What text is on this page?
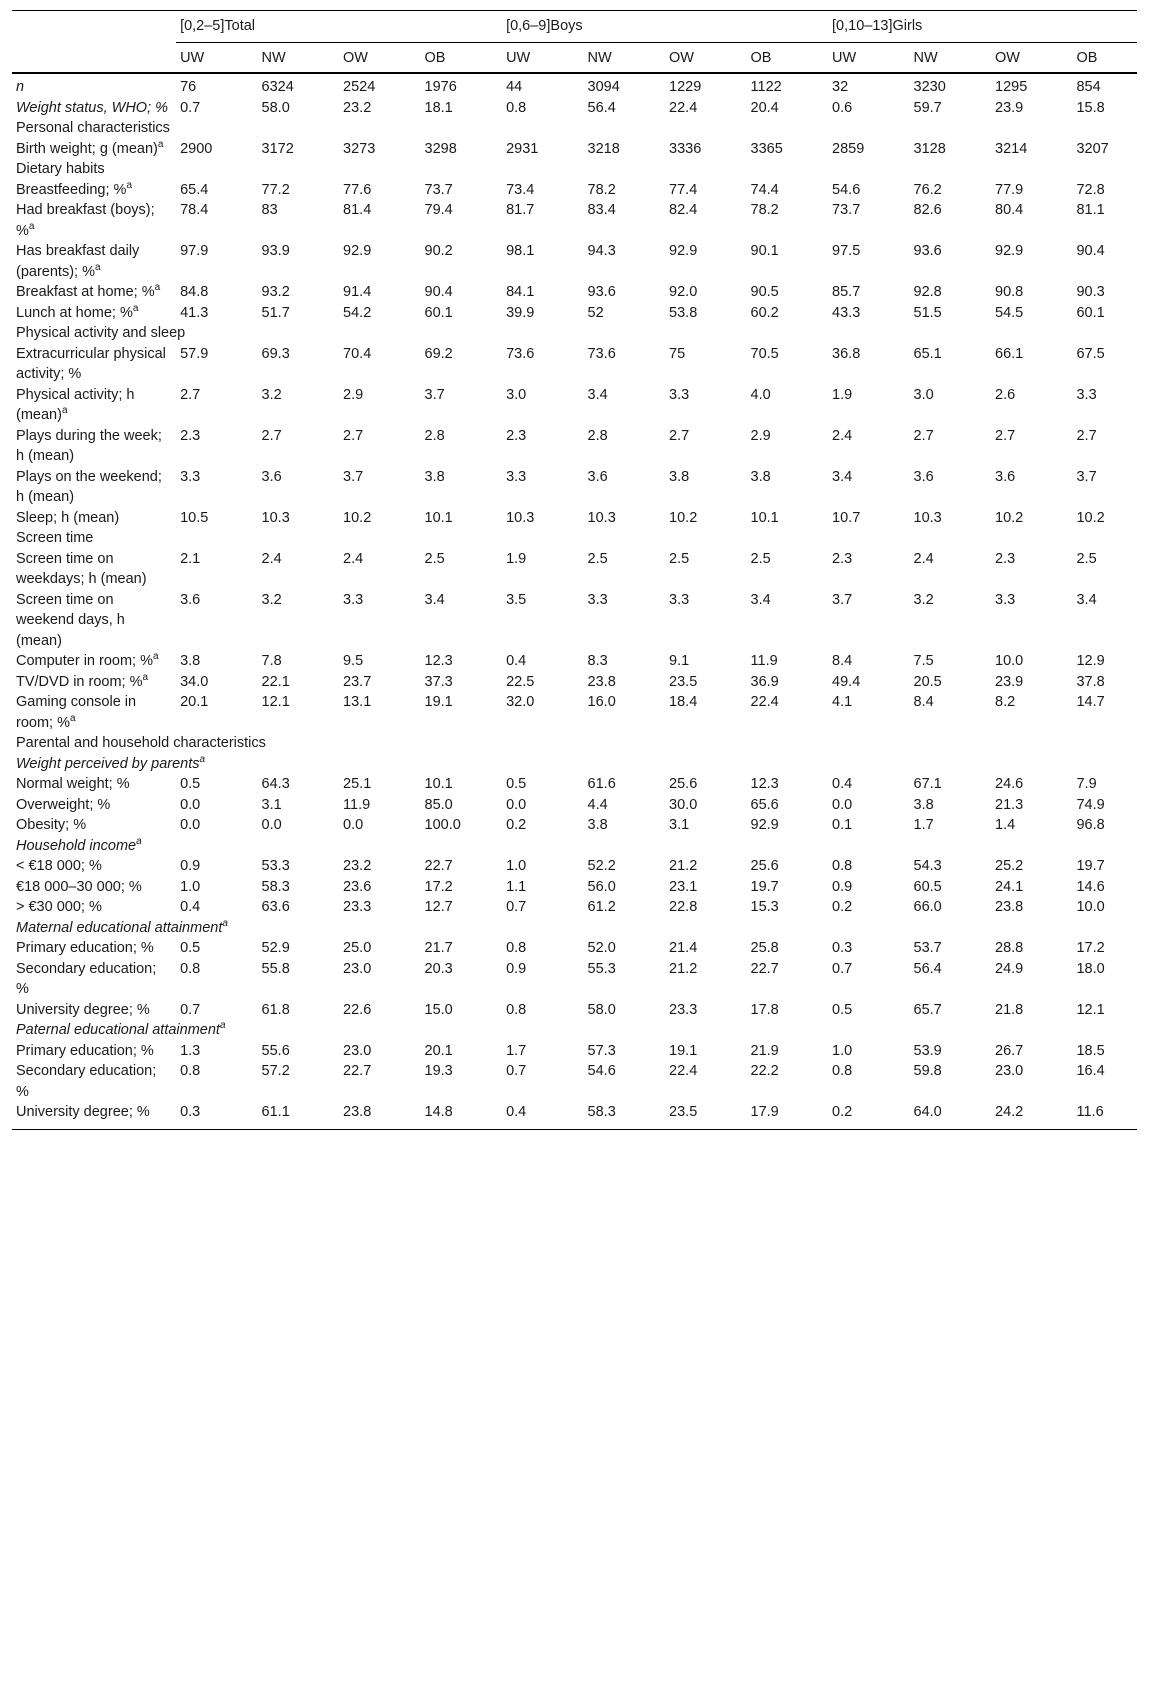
	[0,2–5]Total				[0,6–9]Boys				[0,10–13]Girls			
	UW	NW	OW	OB	UW	NW	OW	OB	UW	NW	OW	OB
n	76	6324	2524	1976	44	3094	1229	1122	32	3230	1295	854
Weight status, WHO; %	0.7	58.0	23.2	18.1	0.8	56.4	22.4	20.4	0.6	59.7	23.9	15.8
Personal characteristics												
Birth weight; g (mean)$^a$	2900	3172	3273	3298	2931	3218	3336	3365	2859	3128	3214	3207
Dietary habits												
Breastfeeding; %$^a$	65.4	77.2	77.6	73.7	73.4	78.2	77.4	74.4	54.6	76.2	77.9	72.8
Had breakfast (boys); %$^a$	78.4	83	81.4	79.4	81.7	83.4	82.4	78.2	73.7	82.6	80.4	81.1
Has breakfast daily (parents); %$^a$	97.9	93.9	92.9	90.2	98.1	94.3	92.9	90.1	97.5	93.6	92.9	90.4
Breakfast at home; %$^a$	84.8	93.2	91.4	90.4	84.1	93.6	92.0	90.5	85.7	92.8	90.8	90.3
Lunch at home; %$^a$	41.3	51.7	54.2	60.1	39.9	52	53.8	60.2	43.3	51.5	54.5	60.1
Physical activity and sleep												
Extracurricular physical activity; %	57.9	69.3	70.4	69.2	73.6	73.6	75	70.5	36.8	65.1	66.1	67.5
Physical activity; h (mean)$^a$	2.7	3.2	2.9	3.7	3.0	3.4	3.3	4.0	1.9	3.0	2.6	3.3
Plays during the week; h (mean)	2.3	2.7	2.7	2.8	2.3	2.8	2.7	2.9	2.4	2.7	2.7	2.7
Plays on the weekend; h (mean)	3.3	3.6	3.7	3.8	3.3	3.6	3.8	3.8	3.4	3.6	3.6	3.7
Sleep; h (mean)	10.5	10.3	10.2	10.1	10.3	10.3	10.2	10.1	10.7	10.3	10.2	10.2
Screen time												
Screen time on weekdays; h (mean)	2.1	2.4	2.4	2.5	1.9	2.5	2.5	2.5	2.3	2.4	2.3	2.5
Screen time on weekend days, h (mean)	3.6	3.2	3.3	3.4	3.5	3.3	3.3	3.4	3.7	3.2	3.3	3.4
Computer in room; %$^a$	3.8	7.8	9.5	12.3	0.4	8.3	9.1	11.9	8.4	7.5	10.0	12.9
TV/DVD in room; %$^a$	34.0	22.1	23.7	37.3	22.5	23.8	23.5	36.9	49.4	20.5	23.9	37.8
Gaming console in room; %$^a$	20.1	12.1	13.1	19.1	32.0	16.0	18.4	22.4	4.1	8.4	8.2	14.7
Parental and household characteristics												
Weight perceived by parents$^a$
Normal weight; %	0.5	64.3	25.1	10.1	0.5	61.6	25.6	12.3	0.4	67.1	24.6	7.9
Overweight; %	0.0	3.1	11.9	85.0	0.0	4.4	30.0	65.6	0.0	3.8	21.3	74.9
Obesity; %	0.0	0.0	0.0	100.0	0.2	3.8	3.1	92.9	0.1	1.7	1.4	96.8
Household income$^a$
< €18 000; %	0.9	53.3	23.2	22.7	1.0	52.2	21.2	25.6	0.8	54.3	25.2	19.7
€18 000–30 000; %	1.0	58.3	23.6	17.2	1.1	56.0	23.1	19.7	0.9	60.5	24.1	14.6
> €30 000; %	0.4	63.6	23.3	12.7	0.7	61.2	22.8	15.3	0.2	66.0	23.8	10.0
Maternal educational attainment$^a$
Primary education; %	0.5	52.9	25.0	21.7	0.8	52.0	21.4	25.8	0.3	53.7	28.8	17.2
Secondary education; %	0.8	55.8	23.0	20.3	0.9	55.3	21.2	22.7	0.7	56.4	24.9	18.0
University degree; %	0.7	61.8	22.6	15.0	0.8	58.0	23.3	17.8	0.5	65.7	21.8	12.1
Paternal educational attainment$^a$
Primary education; %	1.3	55.6	23.0	20.1	1.7	57.3	19.1	21.9	1.0	53.9	26.7	18.5
Secondary education; %	0.8	57.2	22.7	19.3	0.7	54.6	22.4	22.2	0.8	59.8	23.0	16.4
University degree; %	0.3	61.1	23.8	14.8	0.4	58.3	23.5	17.9	0.2	64.0	24.2	11.6
